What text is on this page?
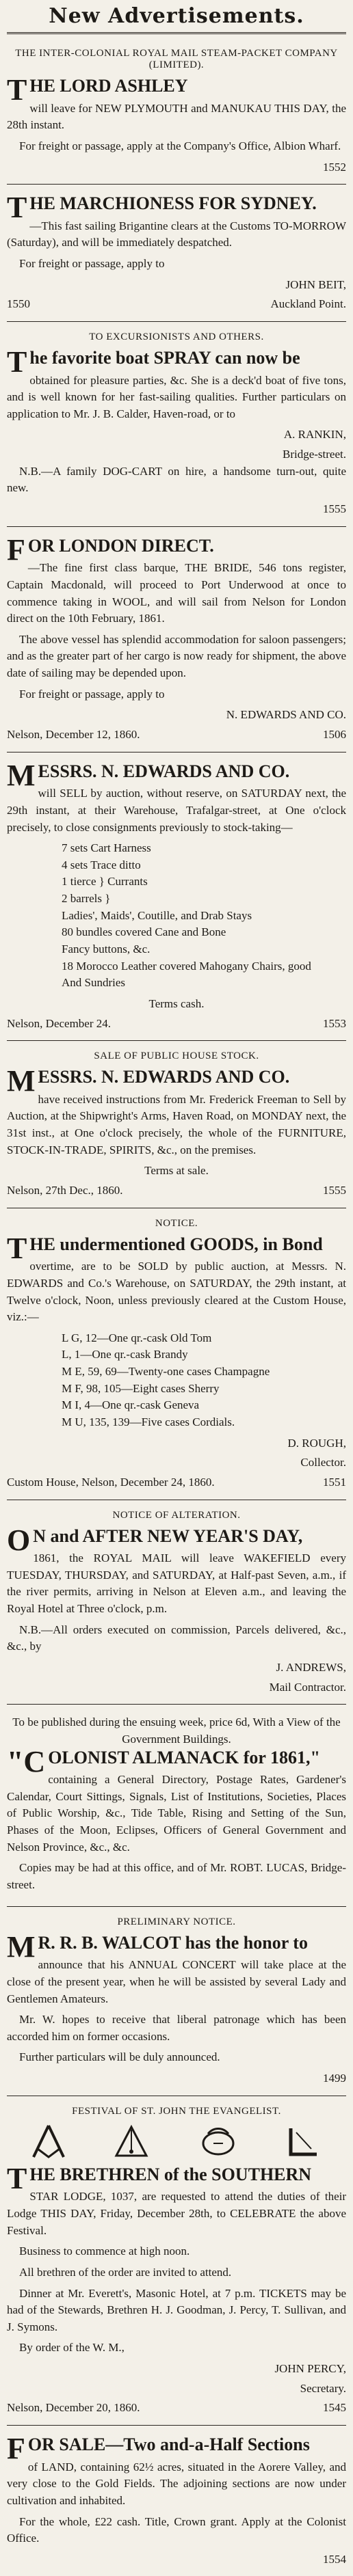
New Advertisements.
THE INTER-COLONIAL ROYAL MAIL STEAM-PACKET COMPANY (LIMITED).
THE LORD ASHLEY
will leave for NEW PLYMOUTH and MANUKAU THIS DAY, the 28th instant.
For freight or passage, apply at the Company's Office, Albion Wharf.
1552
THE MARCHIONESS FOR SYDNEY.
—This fast sailing Brigantine clears at the Customs TO-MORROW (Saturday), and will be immediately despatched.
For freight or passage, apply to
JOHN BEIT,
1550	Auckland Point.
TO EXCURSIONISTS AND OTHERS.
The favorite boat SPRAY can now be
obtained for pleasure parties, &c. She is a deck'd boat of five tons, and is well known for her fast-sailing qualities. Further particulars on application to Mr. J. B. Calder, Haven-road, or to
A. RANKIN,
Bridge-street.
N.B.—A family DOG-CART on hire, a handsome turn-out, quite new.
1555
FOR LONDON DIRECT.
—The fine first class barque, THE BRIDE, 546 tons register, Captain Macdonald, will proceed to Port Underwood at once to commence taking in WOOL, and will sail from Nelson for London direct on the 10th February, 1861.
The above vessel has splendid accommodation for saloon passengers; and as the greater part of her cargo is now ready for shipment, the above date of sailing may be depended upon.
For freight or passage, apply to
N. EDWARDS AND CO.
Nelson, December 12, 1860.	1506
MESSRS. N. EDWARDS AND CO.
will SELL by auction, without reserve, on SATURDAY next, the 29th instant, at their Warehouse, Trafalgar-street, at One o'clock precisely, to close consignments previously to stock-taking—
7 sets Cart Harness
4 sets Trace ditto
1 tierce } Currants
2 barrels }
Ladies', Maids', Coutille, and Drab Stays
80 bundles covered Cane and Bone
Fancy buttons, &c.
18 Morocco Leather covered Mahogany Chairs, good
And Sundries
Terms cash.
Nelson, December 24.	1553
SALE OF PUBLIC HOUSE STOCK.
MESSRS. N. EDWARDS AND CO.
have received instructions from Mr. Frederick Freeman to Sell by Auction, at the Shipwright's Arms, Haven Road, on MONDAY next, the 31st inst., at One o'clock precisely, the whole of the FURNITURE, STOCK-IN-TRADE, SPIRITS, &c., on the premises.
Terms at sale.
Nelson, 27th Dec., 1860.	1555
NOTICE.
THE undermentioned GOODS, in Bond
overtime, are to be SOLD by public auction, at Messrs. N. EDWARDS and Co.'s Warehouse, on SATURDAY, the 29th instant, at Twelve o'clock, Noon, unless previously cleared at the Custom House, viz.:—
L G, 12—One qr.-cask Old Tom
L, 1—One qr.-cask Brandy
M E, 59, 69—Twenty-one cases Champagne
M F, 98, 105—Eight cases Sherry
M I, 4—One qr.-cask Geneva
M U, 135, 139—Five cases Cordials.
D. ROUGH,
Collector.
Custom House, Nelson, December 24, 1860.	1551
NOTICE OF ALTERATION.
ON and AFTER NEW YEAR'S DAY,
1861, the ROYAL MAIL will leave WAKEFIELD every TUESDAY, THURSDAY, and SATURDAY, at Half-past Seven, a.m., if the river permits, arriving in Nelson at Eleven a.m., and leaving the Royal Hotel at Three o'clock, p.m.
N.B.—All orders executed on commission, Parcels delivered, &c., &c., by
J. ANDREWS,
Mail Contractor.
To be published during the ensuing week, price 6d, With a View of the Government Buildings.
"COLONIST ALMANACK for 1861,"
containing a General Directory, Postage Rates, Gardener's Calendar, Court Sittings, Signals, List of Institutions, Societies, Places of Public Worship, &c., Tide Table, Rising and Setting of the Sun, Phases of the Moon, Eclipses, Officers of General Government and Nelson Province, &c., &c.
Copies may be had at this office, and of Mr. ROBT. LUCAS, Bridge-street.
PRELIMINARY NOTICE.
MR. R. B. WALCOT has the honor to
announce that his ANNUAL CONCERT will take place at the close of the present year, when he will be assisted by several Lady and Gentlemen Amateurs.
Mr. W. hopes to receive that liberal patronage which has been accorded him on former occasions.
Further particulars will be duly announced.
1499
FESTIVAL OF ST. JOHN THE EVANGELIST.
THE BRETHREN of the SOUTHERN
STAR LODGE, 1037, are requested to attend the duties of their Lodge THIS DAY, Friday, December 28th, to CELEBRATE the above Festival.
Business to commence at high noon.
All brethren of the order are invited to attend.
Dinner at Mr. Everett's, Masonic Hotel, at 7 p.m. TICKETS may be had of the Stewards, Brethren H. J. Goodman, J. Percy, T. Sullivan, and J. Symons.
By order of the W. M.,
JOHN PERCY,
Secretary.
Nelson, December 20, 1860.	1545
FOR SALE—Two and-a-Half Sections
of LAND, containing 62½ acres, situated in the Aorere Valley, and very close to the Gold Fields. The adjoining sections are now under cultivation and inhabited.
For the whole, £22 cash. Title, Crown grant. Apply at the Colonist Office.
1554
